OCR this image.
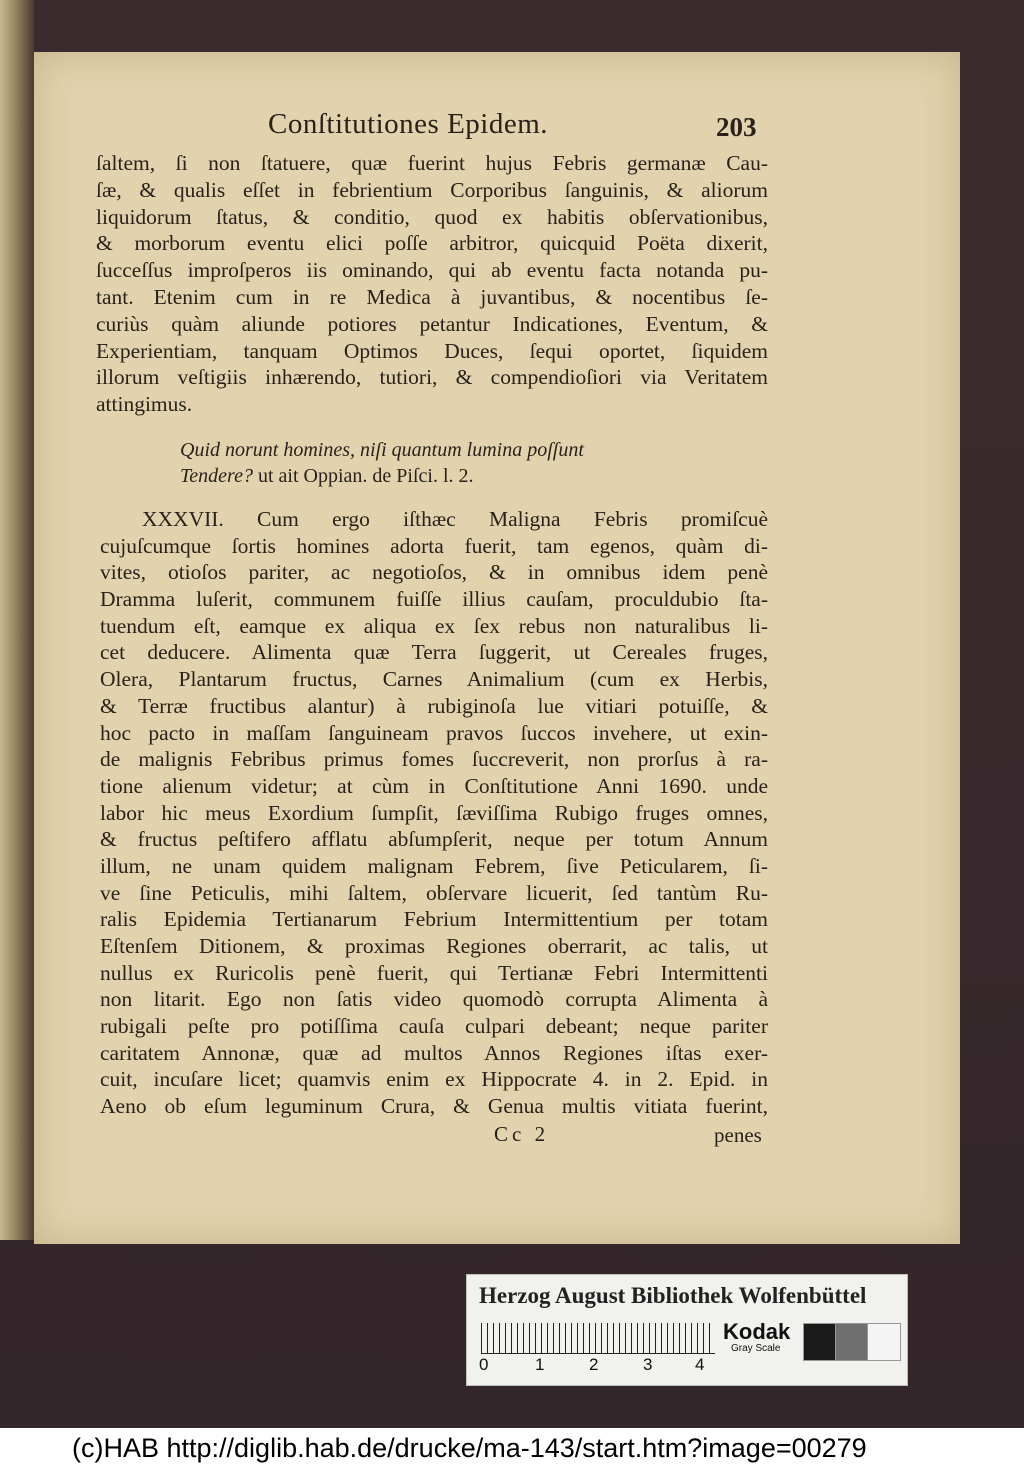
Conſtitutiones Epidem.	203
ſaltem, ſi non ſtatuere, quæ fuerint hujus Febris germanæ Cau-
ſæ, & qualis eſſet in febrientium Corporibus ſanguinis, & aliorum
liquidorum ſtatus, & conditio, quod ex habitis obſervationibus,
& morborum eventu elici poſſe arbitror, quicquid Poëta dixerit,
ſucceſſus improſperos iis ominando, qui ab eventu facta notanda pu-
tant. Etenim cum in re Medica à juvantibus, & nocentibus ſe-
curiùs quàm aliunde potiores petantur Indicationes, Eventum, &
Experientiam, tanquam Optimos Duces, ſequi oportet, ſiquidem
illorum veſtigiis inhærendo, tutiori, & compendioſiori via Veritatem
attingimus.
Quid norunt homines, niſi quantum lumina poſſunt
Tendere? ut ait Oppian. de Piſci. l. 2.
XXXVII. Cum ergo iſthæc Maligna Febris promiſcuè
cujuſcumque ſortis homines adorta fuerit, tam egenos, quàm di-
vites, otioſos pariter, ac negotioſos, & in omnibus idem penè
Dramma luſerit, communem fuiſſe illius cauſam, proculdubio ſta-
tuendum eſt, eamque ex aliqua ex ſex rebus non naturalibus li-
cet deducere. Alimenta quæ Terra ſuggerit, ut Cereales fruges,
Olera, Plantarum fructus, Carnes Animalium (cum ex Herbis,
& Terræ fructibus alantur) à rubiginoſa lue vitiari potuiſſe, &
hoc pacto in maſſam ſanguineam pravos ſuccos invehere, ut exin-
de malignis Febribus primus fomes ſuccreverit, non prorſus à ra-
tione alienum videtur; at cùm in Conſtitutione Anni 1690. unde
labor hic meus Exordium ſumpſit, ſæviſſima Rubigo fruges omnes,
& fructus peſtifero afflatu abſumpſerit, neque per totum Annum
illum, ne unam quidem malignam Febrem, ſive Peticularem, ſi-
ve ſine Peticulis, mihi ſaltem, obſervare licuerit, ſed tantùm Ru-
ralis Epidemia Tertianarum Febrium Intermittentium per totam
Eſtenſem Ditionem, & proximas Regiones oberrarit, ac talis, ut
nullus ex Ruricolis penè fuerit, qui Tertianæ Febri Intermittenti
non litarit. Ego non ſatis video quomodò corrupta Alimenta à
rubigali peſte pro potiſſima cauſa culpari debeant; neque pariter
caritatem Annonæ, quæ ad multos Annos Regiones iſtas exer-
cuit, incuſare licet; quamvis enim ex Hippocrate 4. in 2. Epid. in
Aeno ob eſum leguminum Crura, & Genua multis vitiata fuerint,
Cc 2	penes
Herzog August Bibliothek Wolfenbüttel
0	1	2	3	4
Kodak
Gray Scale
(c)HAB http://diglib.hab.de/drucke/ma-143/start.htm?image=00279
